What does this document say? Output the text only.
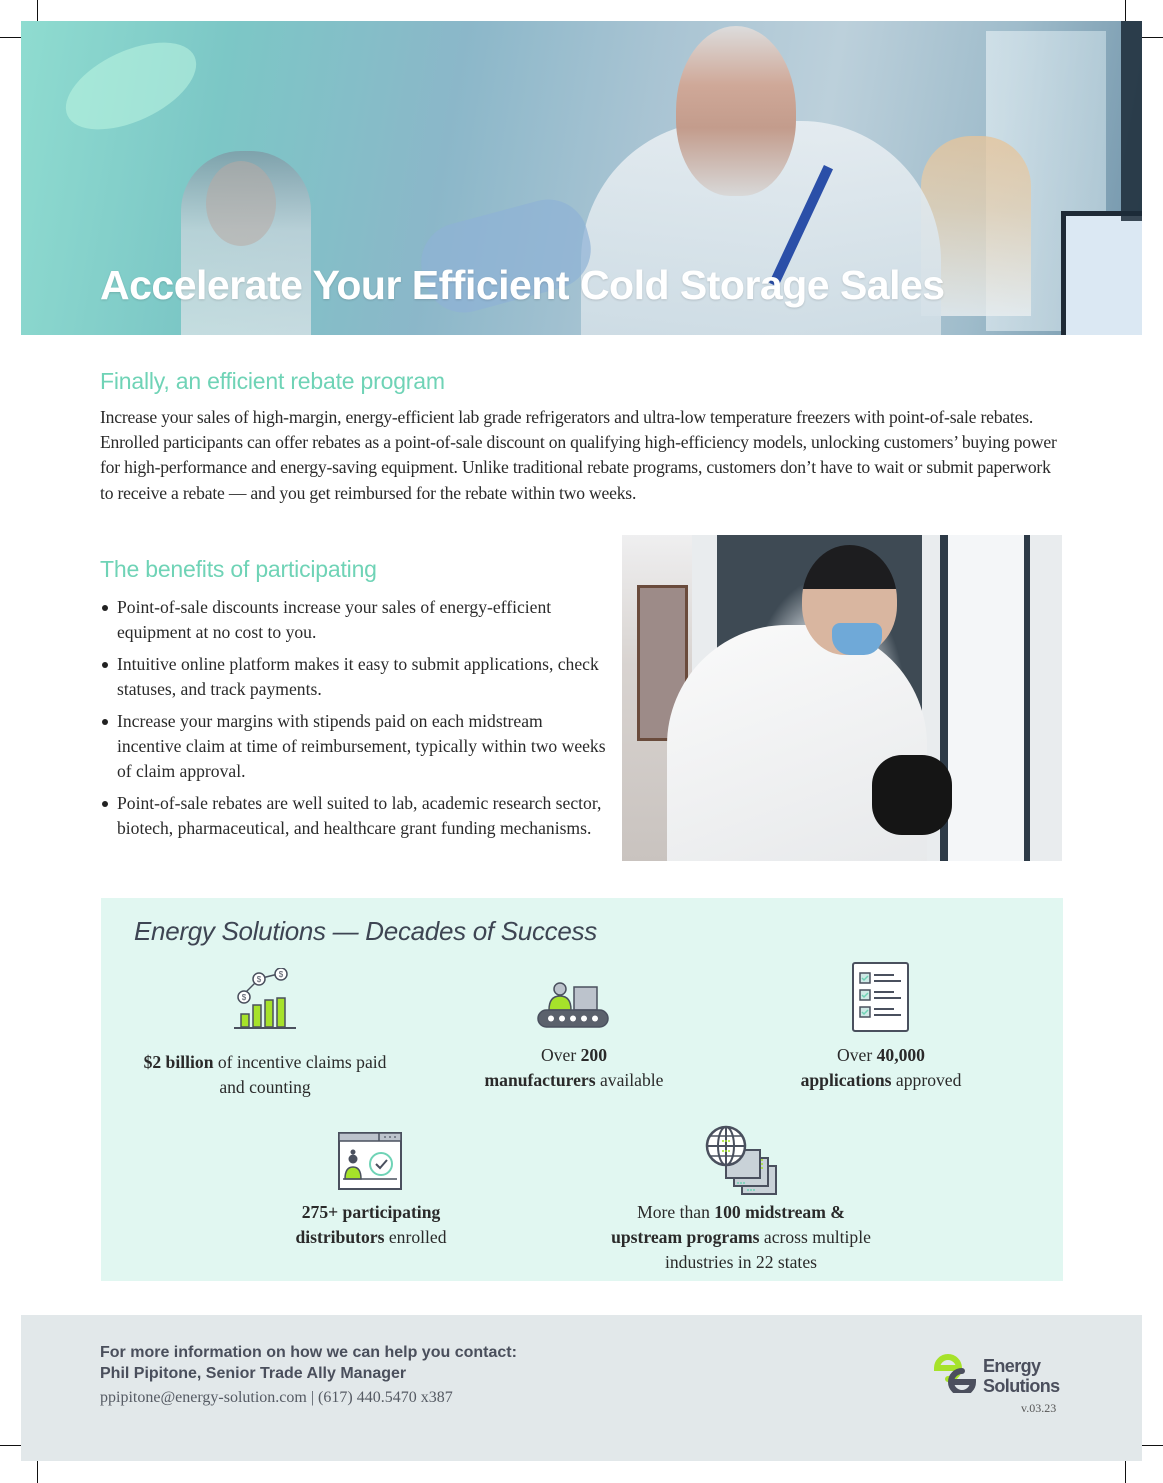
Accelerate Your Efficient Cold Storage Sales
Finally, an efficient rebate program

Increase your sales of high-margin, energy-efficient lab grade refrigerators and ultra-low temperature freezers with point-of-sale rebates. Enrolled participants can offer rebates as a point-of-sale discount on qualifying high-efficiency models, unlocking customers’ buying power for high-performance and energy-saving equipment. Unlike traditional rebate programs, customers don’t have to wait or submit paperwork to receive a rebate — and you get reimbursed for the rebate within two weeks.

The benefits of participating
Point-of-sale discounts increase your sales of energy-efficient equipment at no cost to you.
Intuitive online platform makes it easy to submit applications, check statuses, and track payments.
Increase your margins with stipends paid on each midstream incentive claim at time of reimbursement, typically within two weeks of claim approval.
Point-of-sale rebates are well suited to lab, academic research sector, biotech, pharmaceutical, and healthcare grant funding mechanisms.
Energy Solutions — Decades of Success
$
$
$
$2 billion of incentive claims paid and counting
Over 200
manufacturers available
Over 40,000
applications approved
275+ participating
distributors enrolled
More than 100 midstream &
upstream programs across multiple
industries in 22 states
For more information on how we can help you contact:
Phil Pipitone, Senior Trade Ally Manager
ppipitone@energy-solution.com | (617) 440.5470 x387
Energy
Solutions
v.03.23
